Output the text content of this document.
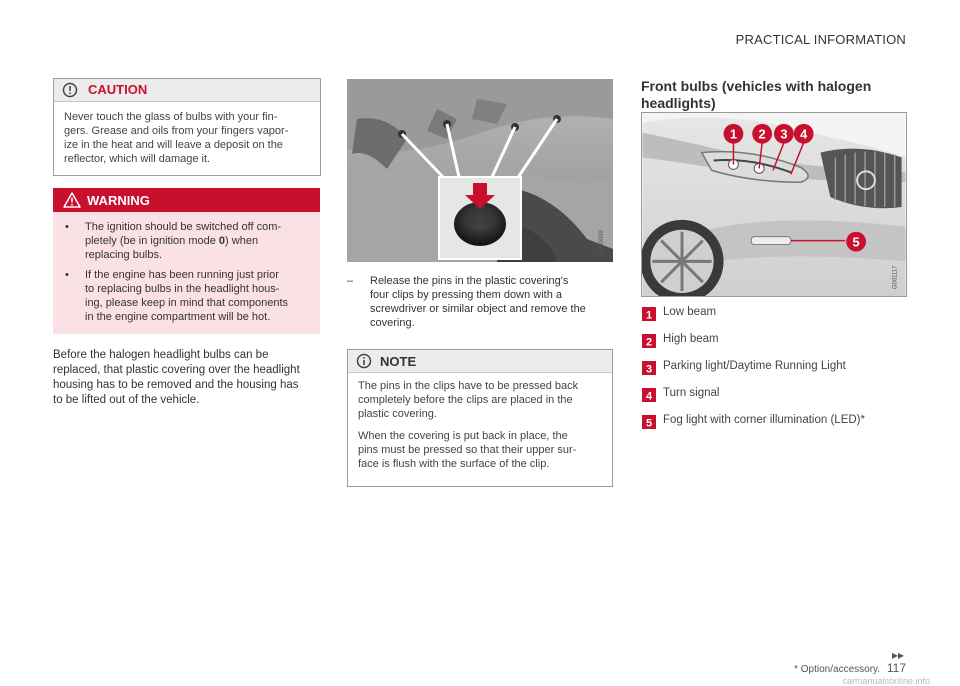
PRACTICAL INFORMATION
CAUTION
Never touch the glass of bulbs with your fin-
gers. Grease and oils from your fingers vapor-
ize in the heat and will leave a deposit on the
reflector, which will damage it.
WARNING
• The ignition should be switched off com-
pletely (be in ignition mode 0) when
replacing bulbs.
• If the engine has been running just prior
to replacing bulbs in the headlight hous-
ing, please keep in mind that components
in the engine compartment will be hot.
Before the halogen headlight bulbs can be
replaced, that plastic covering over the headlight
housing has to be removed and the housing has
to be lifted out of the vehicle.
G080099
– Release the pins in the plastic covering's
four clips by pressing them down with a
screwdriver or similar object and remove the
covering.
NOTE

The pins in the clips have to be pressed back
completely before the clips are placed in the
plastic covering.

When the covering is put back in place, the
pins must be pressed so that their upper sur-
face is flush with the surface of the clip.

Front bulbs (vehicles with halogen
headlights)
1 2 3 4
5
G081117
1 Low beam
2 High beam
3 Parking light/Daytime Running Light
4 Turn signal
5 Fog light with corner illumination (LED)*
▸▸
* Option/accessory. 117
carmanualsonline.info
